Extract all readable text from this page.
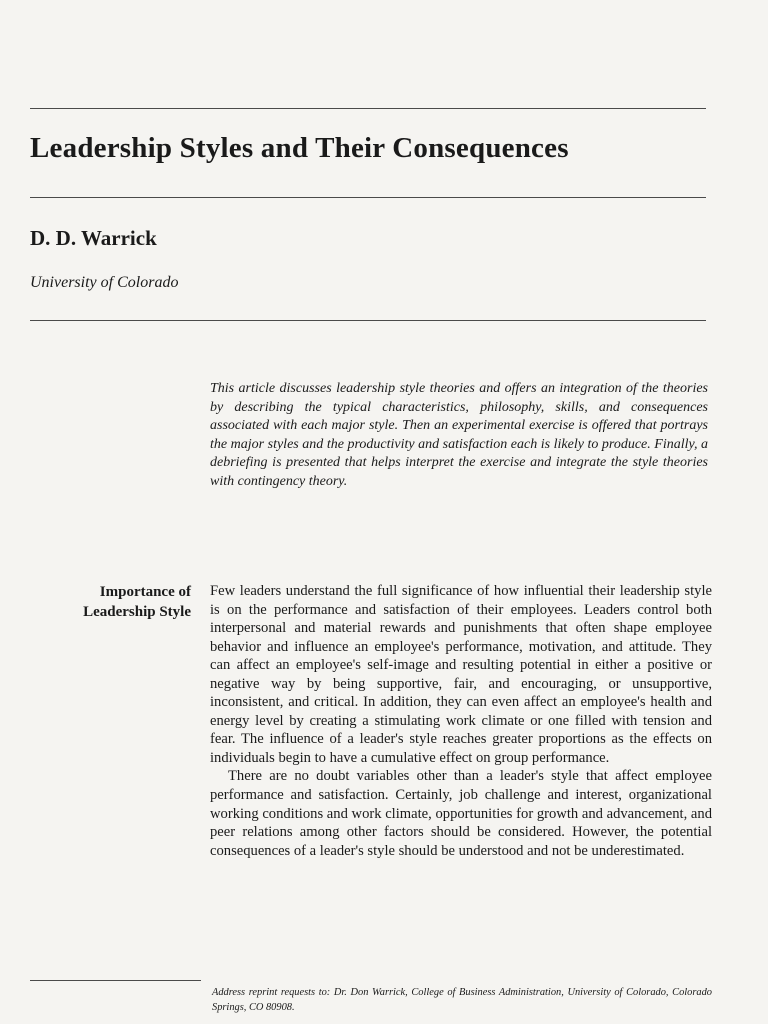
Leadership Styles and Their Consequences
D. D. Warrick

University of Colorado

This article discusses leadership style theories and offers an integration of the theories by describing the typical characteristics, philosophy, skills, and consequences associated with each major style. Then an experimental exercise is offered that portrays the major styles and the productivity and satisfaction each is likely to produce. Finally, a debriefing is presented that helps interpret the exercise and integrate the style theories with contingency theory.

Importance of Leadership Style

Few leaders understand the full significance of how influential their leadership style is on the performance and satisfaction of their employees. Leaders control both interpersonal and material rewards and punishments that often shape employee behavior and influence an employee's performance, motivation, and attitude. They can affect an employee's self-image and resulting potential in either a positive or negative way by being supportive, fair, and encouraging, or unsupportive, inconsistent, and critical. In addition, they can even affect an employee's health and energy level by creating a stimulating work climate or one filled with tension and fear. The influence of a leader's style reaches greater proportions as the effects on individuals begin to have a cumulative effect on group performance.

There are no doubt variables other than a leader's style that affect employee performance and satisfaction. Certainly, job challenge and interest, organizational working conditions and work climate, opportunities for growth and advancement, and peer relations among other factors should be considered. However, the potential consequences of a leader's style should be understood and not be underestimated.

Address reprint requests to: Dr. Don Warrick, College of Business Administration, University of Colorado, Colorado Springs, CO 80908.
